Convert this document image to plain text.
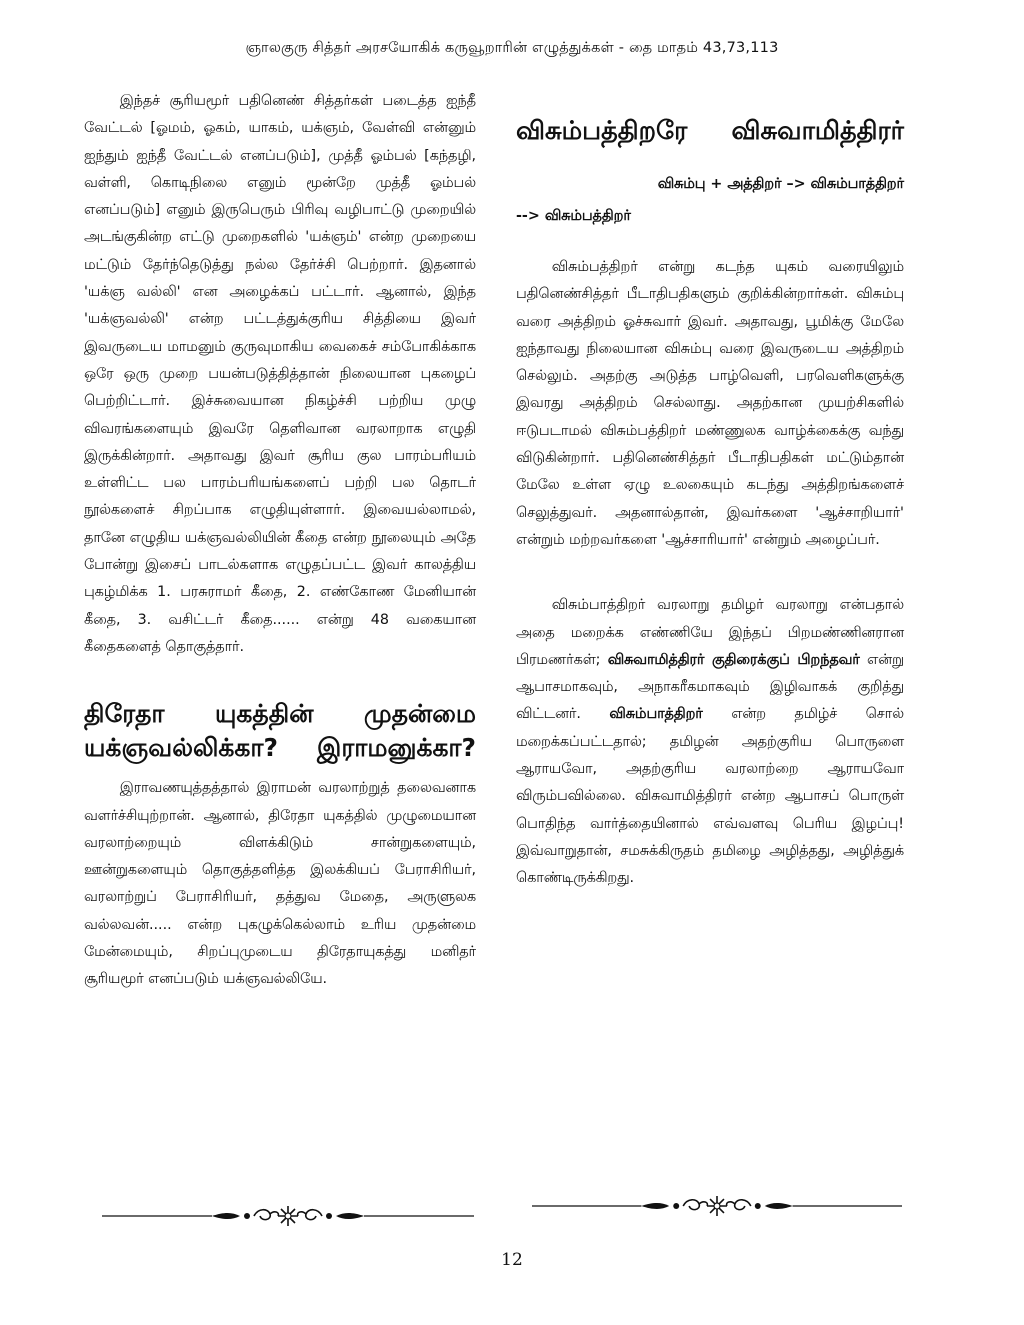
ஞாலகுரு சித்தர் அரசயோகிக் கருவூறாரின் எழுத்துக்கள் - தை மாதம் 43,73,113

இந்தச் சூரியமூர் பதினெண் சித்தர்கள் படைத்த ஐந்தீ வேட்டல் [ஓமம், ஓகம், யாகம், யக்ஞம், வேள்வி என்னும் ஐந்தும் ஐந்தீ வேட்டல் எனப்படும்], முத்தீ ஓம்பல் [கந்தழி, வள்ளி, கொடிநிலை எனும் மூன்றே முத்தீ ஓம்பல் எனப்படும்] எனும் இருபெரும் பிரிவு வழிபாட்டு முறையில் அடங்குகின்ற எட்டு முறைகளில் 'யக்ஞம்' என்ற முறையை மட்டும் தேர்ந்தெடுத்து நல்ல தேர்ச்சி பெற்றார். இதனால் 'யக்ஞ வல்லி' என அழைக்கப் பட்டார். ஆனால், இந்த 'யக்ஞவல்லி' என்ற பட்டத்துக்குரிய சித்தியை இவர் இவருடைய மாமனும் குருவுமாகிய வைகைச் சம்போகிக்காக ஒரே ஒரு முறை பயன்படுத்தித்தான் நிலையான புகழைப் பெற்றிட்டார். இச்சுவையான நிகழ்ச்சி பற்றிய முழு விவரங்களையும் இவரே தெளிவான வரலாறாக எழுதி இருக்கின்றார். அதாவது இவர் சூரிய குல பாரம்பரியம் உள்ளிட்ட பல பாரம்பரியங்களைப் பற்றி பல தொடர் நூல்களைச் சிறப்பாக எழுதியுள்ளார். இவையல்லாமல், தானே எழுதிய யக்ஞவல்லியின் கீதை என்ற நூலையும் அதே போன்று இசைப் பாடல்களாக எழுதப்பட்ட இவர் காலத்திய புகழ்மிக்க 1. பரசுராமர் கீதை, 2. எண்கோண மேனியான் கீதை, 3. வசிட்டர் கீதை...... என்று 48 வகையான கீதைகளைத் தொகுத்தார்.

திரேதா யுகத்தின் முதன்மை யக்ஞவல்லிக்கா? இராமனுக்கா?

இராவணயுத்தத்தால் இராமன் வரலாற்றுத் தலைவனாக வளர்ச்சியுற்றான். ஆனால், திரேதா யுகத்தில் முழுமையான வரலாற்றையும் விளக்கிடும் சான்றுகளையும், ஊன்றுகளையும் தொகுத்தளித்த இலக்கியப் பேராசிரியர், வரலாற்றுப் பேராசிரியர், தத்துவ மேதை, அருளுலக வல்லவன்..... என்ற புகழுக்கெல்லாம் உரிய முதன்மை மேன்மையும், சிறப்புமுடைய திரேதாயுகத்து மனிதர் சூரியமூர் எனப்படும் யக்ஞவல்லியே.

விசும்பத்திறரே விசுவாமித்திரர்

விசும்பு + அத்திறர் –> விசும்பாத்திறர்

--> விசும்பத்திறர்

விசும்பத்திறர் என்று கடந்த யுகம் வரையிலும் பதினெண்சித்தர் பீடாதிபதிகளும் குறிக்கின்றார்கள். விசும்பு வரை அத்திறம் ஓச்சுவார் இவர். அதாவது, பூமிக்கு மேலே ஐந்தாவது நிலையான விசும்பு வரை இவருடைய அத்திறம் செல்லும். அதற்கு அடுத்த பாழ்வெளி, பரவெளிகளுக்கு இவரது அத்திறம் செல்லாது. அதற்கான முயற்சிகளில் ஈடுபடாமல் விசும்பத்திறர் மண்ணுலக வாழ்க்கைக்கு வந்து விடுகின்றார். பதினெண்சித்தர் பீடாதிபதிகள் மட்டும்தான் மேலே உள்ள ஏழு உலகையும் கடந்து அத்திறங்களைச் செலுத்துவர். அதனால்தான், இவர்களை 'ஆச்சாறியார்' என்றும் மற்றவர்களை 'ஆச்சாரியார்' என்றும் அழைப்பர்.

விசும்பாத்திறர் வரலாறு தமிழர் வரலாறு என்பதால் அதை மறைக்க எண்ணியே இந்தப் பிறமண்ணினரான பிரமணர்கள்; விசுவாமித்திரர் குதிரைக்குப் பிறந்தவர் என்று ஆபாசமாகவும், அநாகரீகமாகவும் இழிவாகக் குறித்து விட்டனர். விசும்பாத்திறர் என்ற தமிழ்ச் சொல் மறைக்கப்பட்டதால்; தமிழன் அதற்குரிய பொருளை ஆராயவோ, அதற்குரிய வரலாற்றை ஆராயவோ விரும்பவில்லை. விசுவாமித்திரர் என்ற ஆபாசப் பொருள் பொதிந்த வார்த்தையினால் எவ்வளவு பெரிய இழப்பு! இவ்வாறுதான், சமசுக்கிருதம் தமிழை அழித்தது, அழித்துக் கொண்டிருக்கிறது.

12
